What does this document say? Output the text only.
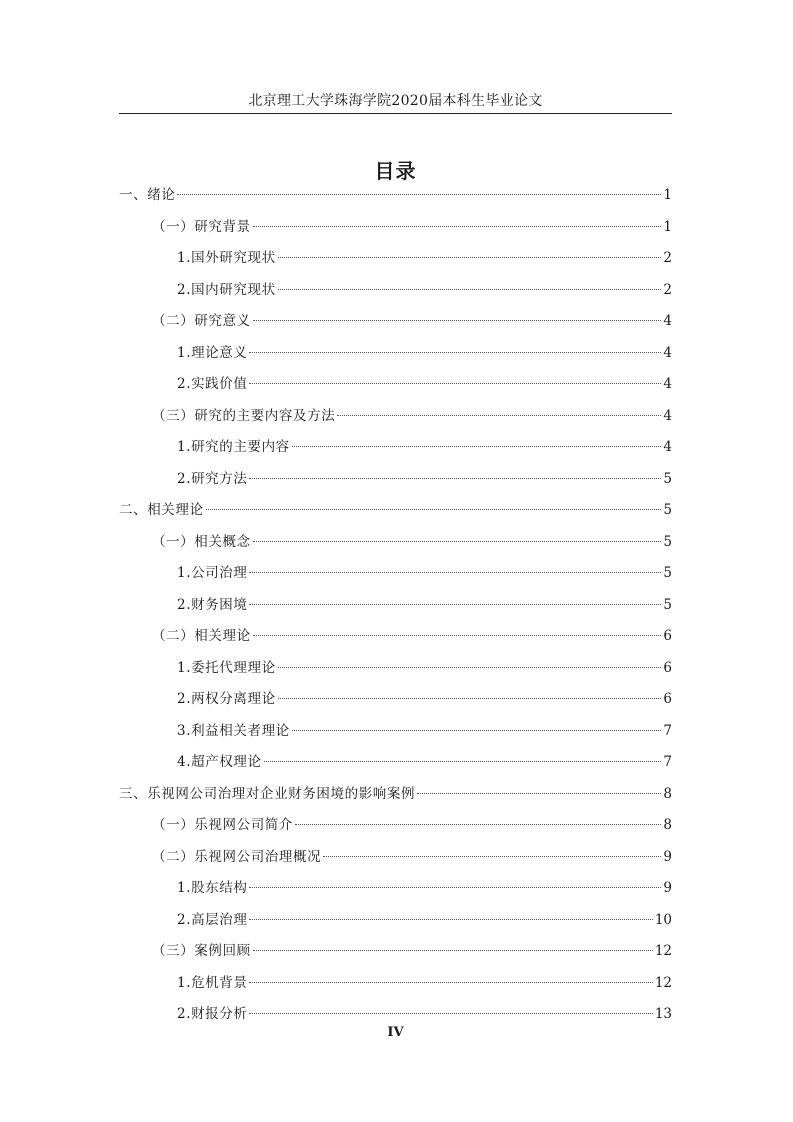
北京理工大学珠海学院2020届本科生毕业论文
目录
一、绪论	1
（一）研究背景	1
1.国外研究现状	2
2.国内研究现状	2
（二）研究意义	4
1.理论意义	4
2.实践价值	4
（三）研究的主要内容及方法	4
1.研究的主要内容	4
2.研究方法	5
二、相关理论	5
（一）相关概念	5
1.公司治理	5
2.财务困境	5
（二）相关理论	6
1.委托代理理论	6
2.两权分离理论	6
3.利益相关者理论	7
4.超产权理论	7
三、乐视网公司治理对企业财务困境的影响案例	8
（一）乐视网公司简介	8
（二）乐视网公司治理概况	9
1.股东结构	9
2.高层治理	10
（三）案例回顾	12
1.危机背景	12
2.财报分析	13
IV
